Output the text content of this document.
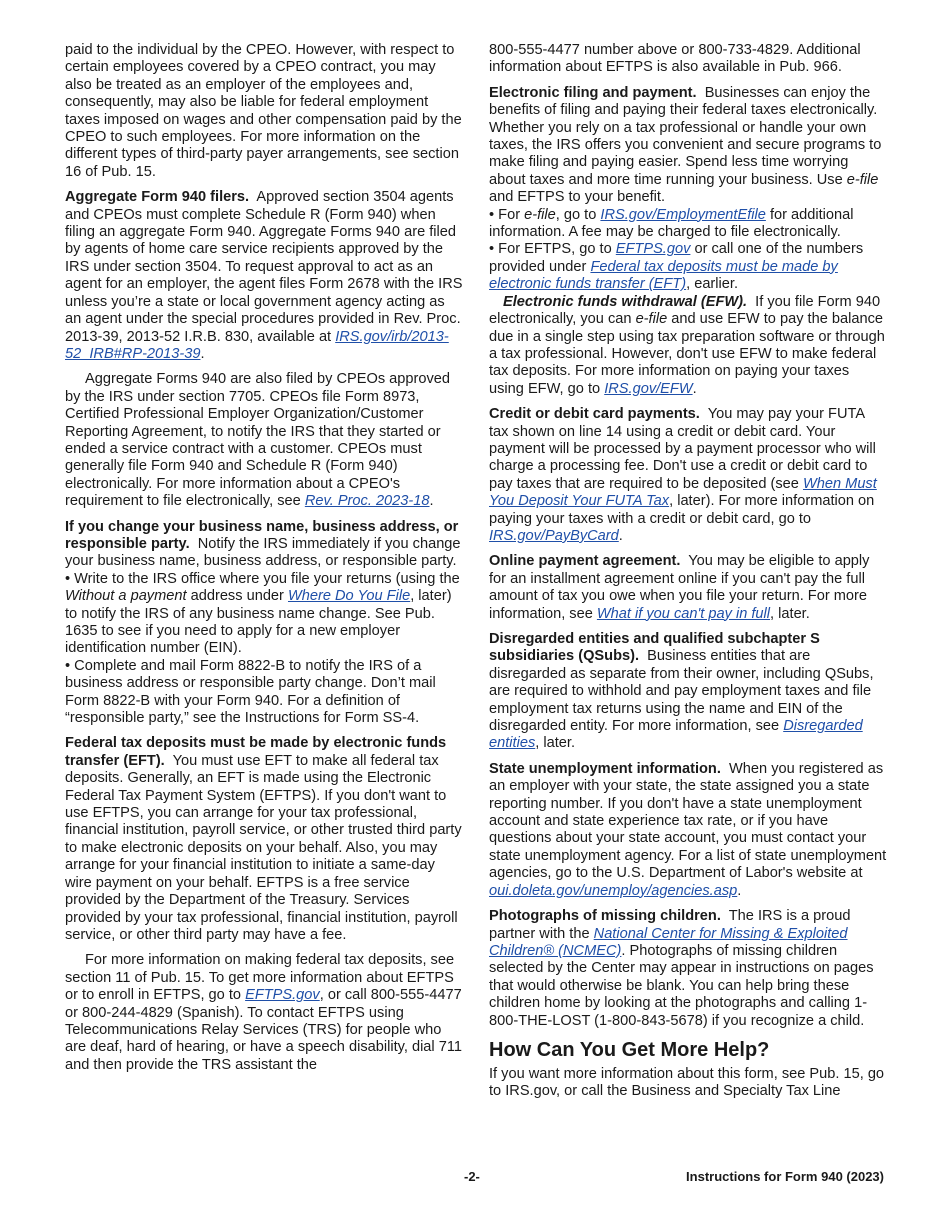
paid to the individual by the CPEO. However, with respect to certain employees covered by a CPEO contract, you may also be treated as an employer of the employees and, consequently, may also be liable for federal employment taxes imposed on wages and other compensation paid by the CPEO to such employees. For more information on the different types of third-party payer arrangements, see section 16 of Pub. 15.

Aggregate Form 940 filers. Approved section 3504 agents and CPEOs must complete Schedule R (Form 940) when filing an aggregate Form 940. Aggregate Forms 940 are filed by agents of home care service recipients approved by the IRS under section 3504. To request approval to act as an agent for an employer, the agent files Form 2678 with the IRS unless you’re a state or local government agency acting as an agent under the special procedures provided in Rev. Proc. 2013-39, 2013-52 I.R.B. 830, available at IRS.gov/irb/2013-52_IRB#RP-2013-39.

Aggregate Forms 940 are also filed by CPEOs approved by the IRS under section 7705. CPEOs file Form 8973, Certified Professional Employer Organization/Customer Reporting Agreement, to notify the IRS that they started or ended a service contract with a customer. CPEOs must generally file Form 940 and Schedule R (Form 940) electronically. For more information about a CPEO's requirement to file electronically, see Rev. Proc. 2023-18.

If you change your business name, business address, or responsible party. Notify the IRS immediately if you change your business name, business address, or responsible party.

• Write to the IRS office where you file your returns (using the Without a payment address under Where Do You File, later) to notify the IRS of any business name change. See Pub. 1635 to see if you need to apply for a new employer identification number (EIN).

• Complete and mail Form 8822-B to notify the IRS of a business address or responsible party change. Don’t mail Form 8822-B with your Form 940. For a definition of “responsible party,” see the Instructions for Form SS-4.

Federal tax deposits must be made by electronic funds transfer (EFT). You must use EFT to make all federal tax deposits. Generally, an EFT is made using the Electronic Federal Tax Payment System (EFTPS). If you don't want to use EFTPS, you can arrange for your tax professional, financial institution, payroll service, or other trusted third party to make electronic deposits on your behalf. Also, you may arrange for your financial institution to initiate a same-day wire payment on your behalf. EFTPS is a free service provided by the Department of the Treasury. Services provided by your tax professional, financial institution, payroll service, or other third party may have a fee.

For more information on making federal tax deposits, see section 11 of Pub. 15. To get more information about EFTPS or to enroll in EFTPS, go to EFTPS.gov, or call 800-555-4477 or 800-244-4829 (Spanish). To contact EFTPS using Telecommunications Relay Services (TRS) for people who are deaf, hard of hearing, or have a speech disability, dial 711 and then provide the TRS assistant the

800-555-4477 number above or 800-733-4829. Additional information about EFTPS is also available in Pub. 966.

Electronic filing and payment. Businesses can enjoy the benefits of filing and paying their federal taxes electronically. Whether you rely on a tax professional or handle your own taxes, the IRS offers you convenient and secure programs to make filing and paying easier. Spend less time worrying about taxes and more time running your business. Use e-file and EFTPS to your benefit.

• For e-file, go to IRS.gov/EmploymentEfile for additional information. A fee may be charged to file electronically.

• For EFTPS, go to EFTPS.gov or call one of the numbers provided under Federal tax deposits must be made by electronic funds transfer (EFT), earlier.

Electronic funds withdrawal (EFW). If you file Form 940 electronically, you can e-file and use EFW to pay the balance due in a single step using tax preparation software or through a tax professional. However, don't use EFW to make federal tax deposits. For more information on paying your taxes using EFW, go to IRS.gov/EFW.

Credit or debit card payments. You may pay your FUTA tax shown on line 14 using a credit or debit card. Your payment will be processed by a payment processor who will charge a processing fee. Don't use a credit or debit card to pay taxes that are required to be deposited (see When Must You Deposit Your FUTA Tax, later). For more information on paying your taxes with a credit or debit card, go to IRS.gov/PayByCard.

Online payment agreement. You may be eligible to apply for an installment agreement online if you can't pay the full amount of tax you owe when you file your return. For more information, see What if you can't pay in full, later.

Disregarded entities and qualified subchapter S subsidiaries (QSubs). Business entities that are disregarded as separate from their owner, including QSubs, are required to withhold and pay employment taxes and file employment tax returns using the name and EIN of the disregarded entity. For more information, see Disregarded entities, later.

State unemployment information. When you registered as an employer with your state, the state assigned you a state reporting number. If you don't have a state unemployment account and state experience tax rate, or if you have questions about your state account, you must contact your state unemployment agency. For a list of state unemployment agencies, go to the U.S. Department of Labor's website at oui.doleta.gov/unemploy/agencies.asp.

Photographs of missing children. The IRS is a proud partner with the National Center for Missing & Exploited Children® (NCMEC). Photographs of missing children selected by the Center may appear in instructions on pages that would otherwise be blank. You can help bring these children home by looking at the photographs and calling 1-800-THE-LOST (1-800-843-5678) if you recognize a child.

How Can You Get More Help?

If you want more information about this form, see Pub. 15, go to IRS.gov, or call the Business and Specialty Tax Line

-2-	Instructions for Form 940 (2023)
